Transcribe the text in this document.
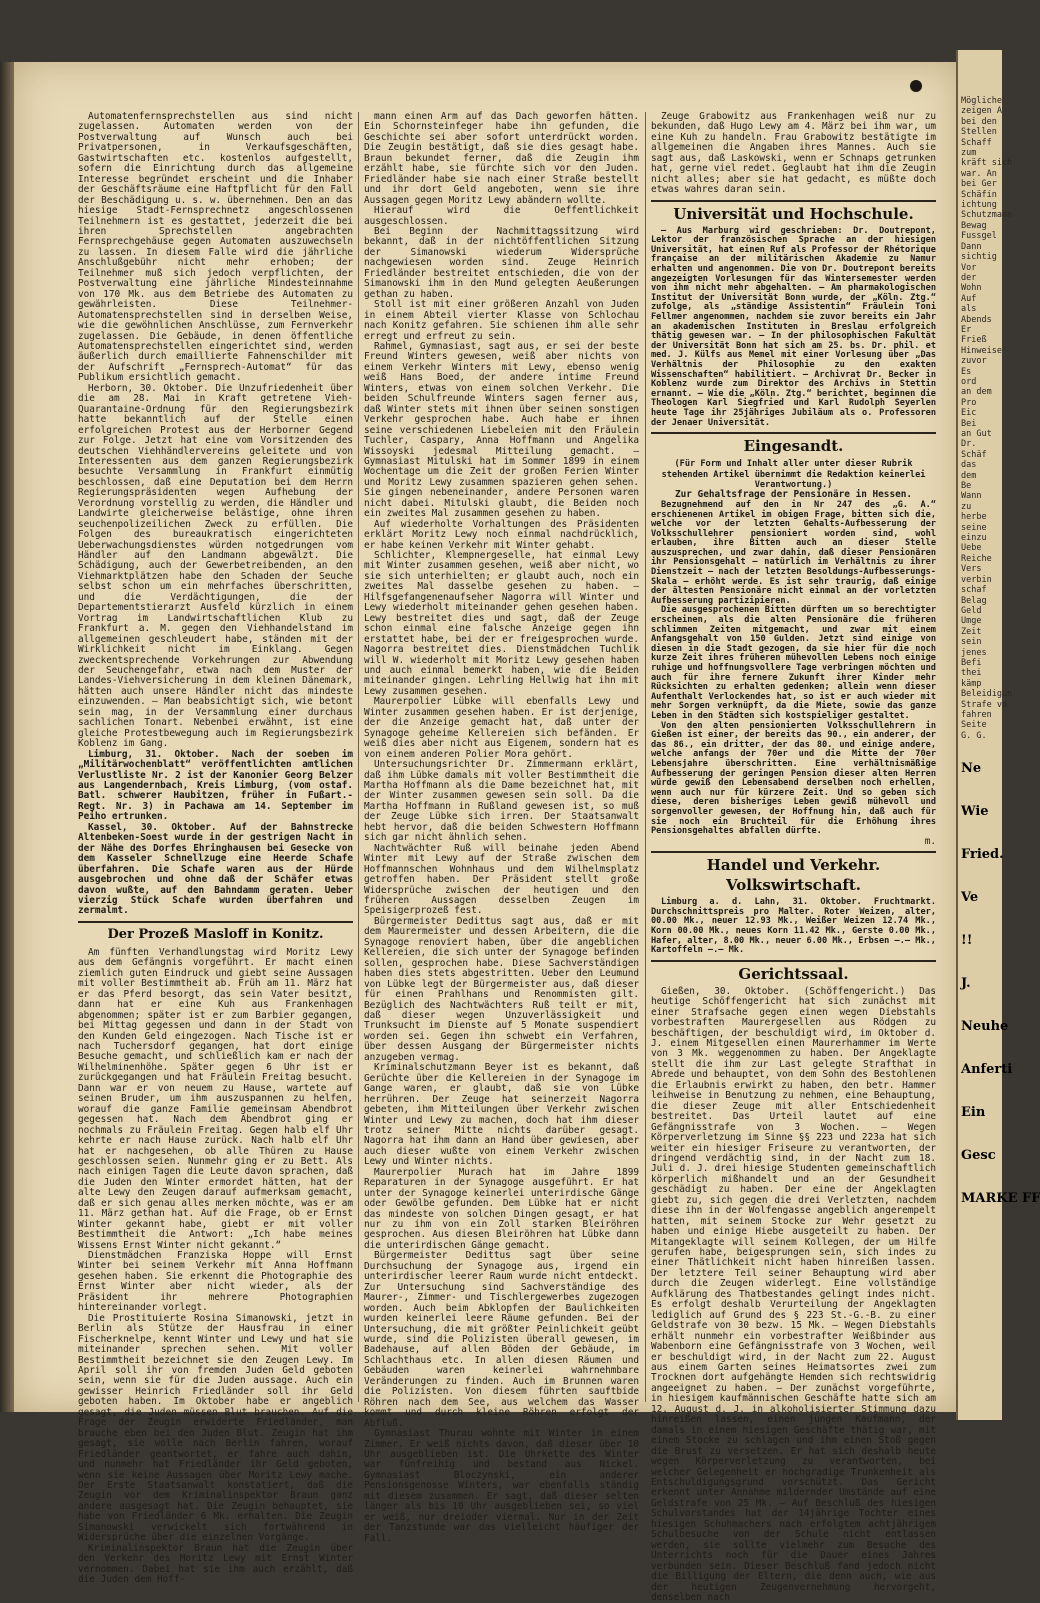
Automatenfernsprechstellen aus sind nicht zugelassen. Automaten werden von der Postverwaltung auf Wunsch auch bei Privatpersonen, in Verkaufsgeschäften, Gastwirtschaften etc. kostenlos aufgestellt, sofern die Einrichtung durch das allgemeine Interesse begründet erscheint und die Inhaber der Geschäftsräume eine Haftpflicht für den Fall der Beschädigung u. s. w. übernehmen. Den an das hiesige Stadt-Fernsprechnetz angeschlossenen Teilnehmern ist es gestattet, jederzeit die bei ihren Sprechstellen angebrachten Fernsprechgehäuse gegen Automaten auszuwechseln zu lassen. In diesem Falle wird die jährliche Anschlußgebühr nicht mehr erhoben; der Teilnehmer muß sich jedoch verpflichten, der Postverwaltung eine jährliche Mindesteinnahme von 170 Mk. aus dem Betriebe des Automaten zu gewährleisten. Diese Teilnehmer-Automatensprechstellen sind in derselben Weise, wie die gewöhnlichen Anschlüsse, zum Fernverkehr zugelassen. Die Gebäude, in denen öffentliche Automatensprechstellen eingerichtet sind, werden äußerlich durch emaillierte Fahnenschilder mit der Aufschrift „Fernsprech-Automat“ für das Publikum ersichtlich gemacht.

Herborn, 30. Oktober. Die Unzufriedenheit über die am 28. Mai in Kraft getretene Vieh-Quarantaine-Ordnung für den Regierungsbezirk hatte bekanntlich auf der Stelle einen erfolgreichen Protest aus der Herborner Gegend zur Folge. Jetzt hat eine vom Vorsitzenden des deutschen Viehhändlervereins geleitete und von Interessenten aus dem ganzen Regierungsbezirk besuchte Versammlung in Frankfurt einmütig beschlossen, daß eine Deputation bei dem Herrn Regierungspräsidenten wegen Aufhebung der Verordnung vorstellig zu werden, die Händler und Landwirte gleicherweise belästige, ohne ihren seuchenpolizeilichen Zweck zu erfüllen. Die Folgen des bureaukratisch eingerichteten Ueberwachungsdienstes würden notgedrungen vom Händler auf den Landmann abgewälzt. Die Schädigung, auch der Gewerbetreibenden, an den Viehmarktplätzen habe den Schaden der Seuche selbst schon um ein mehrfaches überschritten, und die Verdächtigungen, die der Departementstierarzt Ausfeld kürzlich in einem Vortrag im Landwirtschaftlichen Klub zu Frankfurt a. M. gegen den Viehhandelstand im allgemeinen geschleudert habe, ständen mit der Wirklichkeit nicht im Einklang. Gegen zweckentsprechende Vorkehrungen zur Abwendung der Seuchengefahr, etwa nach dem Muster der Landes-Viehversicherung in dem kleinen Dänemark, hätten auch unsere Händler nicht das mindeste einzuwenden. — Man beabsichtigt sich, wie betont sein mag, in der Versammlung einer durchaus sachlichen Tonart. Nebenbei erwähnt, ist eine gleiche Protestbewegung auch im Regierungsbezirk Koblenz im Gang.

Limburg, 31. Oktober. Nach der soeben im „Militärwochenblatt“ veröffentlichten amtlichen Verlustliste Nr. 2 ist der Kanonier Georg Belzer aus Langendernbach, Kreis Limburg, (vom ostaf. Batl. schwerer Haubitzen, früher in Fußart.-Regt. Nr. 3) in Pachawa am 14. September im Peiho ertrunken.

Kassel, 30. Oktober. Auf der Bahnstrecke Altenbeken-Soest wurde in der gestrigen Nacht in der Nähe des Dorfes Ehringhausen bei Gesecke von dem Kasseler Schnellzuge eine Heerde Schafe überfahren. Die Schafe waren aus der Hürde ausgebrochen und ohne daß der Schäfer etwas davon wußte, auf den Bahndamm geraten. Ueber vierzig Stück Schafe wurden überfahren und zermalmt.

Der Prozeß Masloff in Konitz.

Am fünften Verhandlungstag wird Moritz Lewy aus dem Gefängnis vorgeführt. Er macht einen ziemlich guten Eindruck und giebt seine Aussagen mit voller Bestimmtheit ab. Früh am 11. März hat er das Pferd besorgt, das sein Vater besitzt, dann hat er eine Kuh aus Frankenhagen abgenommen; später ist er zum Barbier gegangen, bei Mittag gegessen und dann in der Stadt von den Kunden Geld eingezogen. Nach Tische ist er nach Tuchersdorf gegangen, hat dort einige Besuche gemacht, und schließlich kam er nach der Wilhelminenhöhe. Später gegen 6 Uhr ist er zurückgegangen und hat Fräulein Freitag besucht. Dann war er von neuem zu Hause, wartete auf seinen Bruder, um ihm auszuspannen zu helfen, worauf die ganze Familie gemeinsam Abendbrot gegessen hat. Nach dem Abendbrot ging er nochmals zu Fräulein Freitag. Gegen halb elf Uhr kehrte er nach Hause zurück. Nach halb elf Uhr hat er nachgesehen, ob alle Thüren zu Hause geschlossen seien. Nunmehr ging er zu Bett. Als nach einigen Tagen die Leute davon sprachen, daß die Juden den Winter ermordet hätten, hat der alte Lewy den Zeugen darauf aufmerksam gemacht, daß er sich genau alles merken möchte, was er am 11. März gethan hat. Auf die Frage, ob er Ernst Winter gekannt habe, giebt er mit voller Bestimmtheit die Antwort: „Ich habe meines Wissens Ernst Winter nicht gekannt.“

Dienstmädchen Franziska Hoppe will Ernst Winter bei seinem Verkehr mit Anna Hoffmann gesehen haben. Sie erkennt die Photographie des Ernst Winter aber nicht wieder, als der Präsident ihr mehrere Photographien hintereinander vorlegt.

Die Prostituierte Rosina Simanowski, jetzt in Berlin als Stütze der Hausfrau in einer Fischerknelpe, kennt Winter und Lewy und hat sie miteinander sprechen sehen. Mit voller Bestimmtheit bezeichnet sie den Zeugen Lewy. Im April soll ihr von fremden Juden Geld geboten sein, wenn sie für die Juden aussage. Auch ein gewisser Heinrich Friedländer soll ihr Geld geboten haben. Im Oktober habe er angeblich gesagt, die Juden müssen Blut brauchen. Auf die Frage der Zeugin erwiderte Friedländer, man brauche eben bei den Juden Blut. Zeugin hat ihm gesagt, sie wolle nach Berlin fahren, worauf Friedländer geantwortet, er fahre auch dahin, und nunmehr hat Friedländer ihr Geld geboten, wenn sie keine Aussagen über Moritz Lewy mache. Der Erste Staatsanwalt konstatiert, daß die Zeugin vor dem Kriminalinspektor Braun ganz andere ausgesagt hat. Die Zeugin behauptet, sie habe von Friedländer 6 Mk. erhalten. Die Zeugin Simanowski verwickelt sich fortwährend in Widersprüche über die einzelnen Vorgänge.

Kriminalinspektor Braun hat die Zeugin über den Verkehr des Moritz Lewy mit Ernst Winter vernommen. Dabei hat sie ihm auch erzählt, daß die Juden dem Hoff-

mann einen Arm auf das Dach geworfen hätten. Ein Schornsteinfeger habe ihn gefunden, die Geschichte sei aber sofort unterdrückt worden. Die Zeugin bestätigt, daß sie dies gesagt habe. Braun bekundet ferner, daß die Zeugin ihm erzählt habe, sie fürchte sich vor den Juden. Friedländer habe sie nach einer Straße bestellt und ihr dort Geld angeboten, wenn sie ihre Aussagen gegen Moritz Lewy abändern wollte.

Hierauf wird die Oeffentlichkeit ausgeschlossen.

Bei Beginn der Nachmittagssitzung wird bekannt, daß in der nichtöffentlichen Sitzung der Simanowski wiederum Widersprüche nachgewiesen worden sind. Zeuge Heinrich Friedländer bestreitet entschieden, die von der Simanowski ihm in den Mund gelegten Aeußerungen gethan zu haben.

Stoll ist mit einer größeren Anzahl von Juden in einem Abteil vierter Klasse von Schlochau nach Konitz gefahren. Sie schienen ihm alle sehr erregt und erfreut zu sein.

Rahmel, Gymnasiast, sagt aus, er sei der beste Freund Winters gewesen, weiß aber nichts von einem Verkehr Winters mit Lewy, ebenso wenig weiß Hans Boed, der andere intime Freund Winters, etwas von einem solchen Verkehr. Die beiden Schulfreunde Winters sagen ferner aus, daß Winter stets mit ihnen über seinen sonstigen Verkehr gesprochen habe. Auch habe er ihnen seine verschiedenen Liebeleien mit den Fräulein Tuchler, Caspary, Anna Hoffmann und Angelika Wissoyski jedesmal Mitteilung gemacht. — Gymnasiast Mitulski hat im Sommer 1899 in einem Wochentage um die Zeit der großen Ferien Winter und Moritz Lewy zusammen spazieren gehen sehen. Sie gingen nebeneinander, andere Personen waren nicht dabei. Mitulski glaubt, die Beiden noch ein zweites Mal zusammen gesehen zu haben.

Auf wiederholte Vorhaltungen des Präsidenten erklärt Moritz Lewy noch einmal nachdrücklich, er habe keinen Verkehr mit Winter gehabt.

Schlichter, Klempnergeselle, hat einmal Lewy mit Winter zusammen gesehen, weiß aber nicht, wo sie sich unterhielten; er glaubt auch, noch ein zweites Mal dasselbe gesehen zu haben. — Hilfsgefangenenaufseher Nagorra will Winter und Lewy wiederholt miteinander gehen gesehen haben. Lewy bestreitet dies und sagt, daß der Zeuge schon einmal eine falsche Anzeige gegen ihn erstattet habe, bei der er freigesprochen wurde. Nagorra bestreitet dies. Dienstmädchen Tuchlik will W. wiederholt mit Moritz Lewy gesehen haben und auch einmal bemerkt haben, wie die Beiden miteinander gingen. Lehrling Hellwig hat ihn mit Lewy zusammen gesehen.

Maurerpolier Lübke will ebenfalls Lewy und Winter zusammen gesehen haben. Er ist derjenige, der die Anzeige gemacht hat, daß unter der Synagoge geheime Kellereien sich befänden. Er weiß dies aber nicht aus Eigenem, sondern hat es von einem anderen Polier Mora gehört.

Untersuchungsrichter Dr. Zimmermann erklärt, daß ihm Lübke damals mit voller Bestimmtheit die Martha Hoffmann als die Dame bezeichnet hat, mit der Winter zusammen gewesen sein soll. Da die Martha Hoffmann in Rußland gewesen ist, so muß der Zeuge Lübke sich irren. Der Staatsanwalt hebt hervor, daß die beiden Schwestern Hoffmann sich gar nicht ähnlich sehen.

Nachtwächter Ruß will beinahe jeden Abend Winter mit Lewy auf der Straße zwischen dem Hoffmannschen Wohnhaus und dem Wilhelmsplatz getroffen haben. Der Präsident stellt große Widersprüche zwischen der heutigen und den früheren Aussagen desselben Zeugen im Speisigerprozeß fest.

Bürgermeister Dedittus sagt aus, daß er mit dem Maurermeister und dessen Arbeitern, die die Synagoge renoviert haben, über die angeblichen Kellereien, die sich unter der Synagoge befinden sollen, gesprochen habe. Diese Sachverständigen haben dies stets abgestritten. Ueber den Leumund von Lübke legt der Bürgermeister aus, daß dieser für einen Prahlhans und Renommisten gilt. Bezüglich des Nachtwächters Ruß teilt er mit, daß dieser wegen Unzuverlässigkeit und Trunksucht im Dienste auf 5 Monate suspendiert worden sei. Gegen ihn schwebt ein Verfahren, über dessen Ausgang der Bürgermeister nichts anzugeben vermag.

Kriminalschutzmann Beyer ist es bekannt, daß Gerüchte über die Kellereien in der Synagoge im Gange waren, er glaubt, daß sie von Lübke herrühren. Der Zeuge hat seinerzeit Nagorra gebeten, ihm Mitteilungen über Verkehr zwischen Winter und Lewy zu machen, doch hat ihm dieser trotz seiner Mitte nichts darüber gesagt. Nagorra hat ihm dann an Hand über gewiesen, aber auch dieser wußte von einem Verkehr zwischen Lewy und Winter nichts.

Maurerpolier Murach hat im Jahre 1899 Reparaturen in der Synagoge ausgeführt. Er hat unter der Synagoge keinerlei unterirdische Gänge oder Gewölbe gefunden. Dem Lübke hat er nicht das mindeste von solchen Dingen gesagt, er hat nur zu ihm von ein Zoll starken Bleiröhren gesprochen. Aus diesen Bleiröhren hat Lübke dann die unterirdischen Gänge gemacht.

Bürgermeister Dedittus sagt über seine Durchsuchung der Synagoge aus, irgend ein unterirdischer leerer Raum wurde nicht entdeckt. Zur Untersuchung sind Sachverständige des Maurer-, Zimmer- und Tischlergewerbes zugezogen worden. Auch beim Abklopfen der Baulichkeiten wurden keinerlei leere Räume gefunden. Bei der Untersuchung, die mit größter Peinlichkeit geübt wurde, sind die Polizisten überall gewesen, im Badehause, auf allen Böden der Gebäude, im Schlachthaus etc. In allen diesen Räumen und Gebäuden waren keinerlei wahrnehmbare Veränderungen zu finden. Auch im Brunnen waren die Polizisten. Von diesem führten sauftbide Röhren nach dem See, aus welchem das Wasser kommt und durch kleine Röhren erfolgt der Abfluß.

Gymnasiast Thurau wohnte mit Winter in einem Zimmer. Er weiß nichts davon, daß dieser über 10 Uhr ausgeblieben ist. Die Uhrkette des Winter war fünfreihig und bestand aus Nickel. Gymnasiast Bloczynski, ein anderer Pensionsgenosse Winters, war ebenfalls ständig mit diesem zusammen. Er sagt, daß dieser selten länger als bis 10 Uhr ausgeblieben sei, so viel er weiß, nur dreioder viermal. Nur in der Zeit der Tanzstunde war das vielleicht häufiger der Fall.

Zeuge Grabowitz aus Frankenhagen weiß nur zu bekunden, daß Hugo Lewy am 4. März bei ihm war, um eine Kuh zu handeln. Frau Grabowitz bestätigte im allgemeinen die Angaben ihres Mannes. Auch sie sagt aus, daß Laskowski, wenn er Schnaps getrunken hat, gerne viel redet. Geglaubt hat ihm die Zeugin nicht alles; aber sie hat gedacht, es müßte doch etwas wahres daran sein.

Universität und Hochschule.

— Aus Marburg wird geschrieben: Dr. Doutrepont, Lektor der französischen Sprache an der hiesigen Universität, hat einen Ruf als Professor der Rhétorique française an der militärischen Akademie zu Namur erhalten und angenommen. Die von Dr. Doutrepont bereits angezeigten Vorlesungen für das Wintersemester werden von ihm nicht mehr abgehalten. — Am pharmakologischen Institut der Universität Bonn wurde, der „Köln. Ztg.“ zufolge, als „ständige Assistentin“ Fräulein Toni Fellmer angenommen, nachdem sie zuvor bereits ein Jahr an akademischen Instituten in Breslau erfolgreich thätig gewesen war. — In der philosophischen Fakultät der Universität Bonn hat sich am 25. bs. Dr. phil. et med. J. Külfs aus Memel mit einer Vorlesung über „Das Verhältnis der Philosophie zu den exakten Wissenschaften“ habilitiert. — Archivrat Dr. Becker in Koblenz wurde zum Direktor des Archivs in Stettin ernannt. — Wie die „Köln. Ztg.“ berichtet, beginnen die Theologen Karl Siegfried und Karl Rudolph Seyerlen heute Tage ihr 25jähriges Jubiläum als o. Professoren der Jenaer Universität.

Eingesandt.

(Für Form und Inhalt aller unter dieser Rubrik stehenden Artikel übernimmt die Redaktion keinerlei Verantwortung.)

Zur Gehaltsfrage der Pensionäre in Hessen.

Bezugnehmend auf den in Nr 247 des „G. A.“ erschienenen Artikel im obigen Frage, bitten sich die, welche vor der letzten Gehalts-Aufbesserung der Volksschullehrer pensioniert worden sind, wohl erlauben, ihre Bitten auch an dieser Stelle auszusprechen, und zwar dahin, daß dieser Pensionären ihr Pensionsgehalt — natürlich im Verhältnis zu ihrer Dienstzeit — nach der letzten Besoldungs-Aufbesserungs-Skala — erhöht werde. Es ist sehr traurig, daß einige der ältesten Pensionäre nicht einmal an der vorletzten Aufbesserung partizipieren.

Die ausgesprochenen Bitten dürften um so berechtigter erscheinen, als die alten Pensionäre die früheren schlimmen Zeiten mitgemacht, und zwar mit einem Anfangsgehalt von 150 Gulden. Jetzt sind einige von diesen in die Stadt gezogen, da sie hier für die noch kurze Zeit ihres früheren mühevollen Lebens noch einige ruhige und hoffnungsvollere Tage verbringen möchten und auch für ihre fernere Zukunft ihrer Kinder mehr Rücksichten zu erhalten gedenken; allein wenn dieser Aufenthalt Verlockendes hat, so ist er auch wieder mit mehr Sorgen verknüpft, da die Miete, sowie das ganze Leben in den Städten sich kostspieliger gestaltet.

Von den alten pensionierten Volksschullehrern in Gießen ist einer, der bereits das 90., ein anderer, der das 86., ein dritter, der das 80. und einige andere, welche anfangs der 70er und die Mitte der 70er Lebensjahre überschritten. Eine verhältnismäßige Aufbesserung der geringen Pension dieser alten Herren würde gewiß den Lebensabend derselben noch erhellen, wenn auch nur für kürzere Zeit. Und so geben sich diese, deren bisheriges Leben gewiß mühevoll und sorgenvoller gewesen, der Hoffnung hin, daß auch für sie noch ein Bruchteil für die Erhöhung ihres Pensionsgehaltes abfallen dürfte.

m.

Handel und Verkehr. Volkswirtschaft.

Limburg a. d. Lahn, 31. Oktober. Fruchtmarkt. Durchschnittspreis pro Malter. Roter Weizen, alter, 00.00 Mk., neuer 12.93 Mk., Weißer Weizen 12.74 Mk., Korn 00.00 Mk., neues Korn 11.42 Mk., Gerste 0.00 Mk., Hafer, alter, 8.00 Mk., neuer 6.00 Mk., Erbsen —.— Mk., Kartoffeln —.— Mk.

Gerichtssaal.

Gießen, 30. Oktober. (Schöffengericht.) Das heutige Schöffengericht hat sich zunächst mit einer Strafsache gegen einen wegen Diebstahls vorbestraften Maurergesellen aus Rödgen zu beschäftigen, der beschuldigt wird, im Oktober d. J. einem Mitgesellen einen Maurerhammer im Werte von 3 Mk. weggenommen zu haben. Der Angeklagte stellt die ihm zur Last gelegte Strafthat in Abrede und behauptet, von dem Sohn des Bestohlenen die Erlaubnis erwirkt zu haben, den betr. Hammer leihweise in Benutzung zu nehmen, eine Behauptung, die dieser Zeuge mit aller Entschiedenheit bestreitet. Das Urteil lautet auf eine Gefängnisstrafe von 3 Wochen. — Wegen Körperverletzung im Sinne §§ 223 und 223a hat sich weiter ein hiesiger Friseure zu verantworten, der dringend verdächtig sind, in der Nacht zum 18. Juli d. J. drei hiesige Studenten gemeinschaftlich körperlich mißhandelt und an der Gesundheit geschädigt zu haben. Der eine der Angeklagten giebt zu, sich gegen die drei Verletzten, nachdem diese ihn in der Wolfengasse angeblich angerempelt hatten, mit seinem Stocke zur Wehr gesetzt zu haben und einige Hiebe ausgeteilt zu haben. Der Mitangeklagte will seinem Kollegen, der um Hilfe gerufen habe, beigesprungen sein, sich indes zu einer Thätlichkeit nicht haben hinreißen lassen. Der letztere Teil seiner Behauptung wird aber durch die Zeugen widerlegt. Eine vollständige Aufklärung des Thatbestandes gelingt indes nicht. Es erfolgt deshalb Verurteilung der Angeklagten lediglich auf Grund des § 223 St.-G.-B. zu einer Geldstrafe von 30 bezw. 15 Mk. — Wegen Diebstahls erhält nunmehr ein vorbestrafter Weißbinder aus Wabenborn eine Gefängnisstrafe von 3 Wochen, weil er beschuldigt wird, in der Nacht zum 22. August aus einem Garten seines Heimatsortes zwei zum Trocknen dort aufgehängte Hemden sich rechtswidrig angeeignet zu haben. — Der zunächst vorgeführte, in hiesigem kaufmännischen Geschäfte hatte sich am 12. August d. J. in alkoholisierter Stimmung dazu hinreißen lassen, einen jungen Kaufmann, der damals in einem hiesigen Geschäfte thätig war, mit einem Stocke zu schlagen und ihm einen Stoß gegen die Brust zu versetzen. Er hat sich deshalb heute wegen Körperverletzung zu verantworten, bei welcher Gelegenheit er hochgradige Trunkenheit als Entschuldigungsgrund vorschützt. Das Gericht erkennt unter Annahme mildernder Umstände auf eine Geldstrafe von 25 Mk. — Auf Beschluß des hiesigen Schulvorstandes hat der 14jährige Tochter eines hiesigen Schuhmachers nach erfolgtem achtjährigem Schulbesuche von der Schule nicht entlassen werden, sie sollte vielmehr zum Besuche des Unterrichts noch für die Dauer eines Jahres verbunden sein. Dieser Beschluß fand jedoch nicht die Billigung der Eltern, die denn auch, wie aus der heutigen Zeugenvernehmung hervorgeht, denselben nach

Mögliche
zeigen A
bei den
Stellen
Schaff
zum
kräft sich
war. An
bei Ger
Schäfin
ichtung
Schutzmann
Bewag
Fussgel
Dann
sichtig
Vor
der
Wohn
Auf
als
Abends
Er
Frieß
Hinweise
zuvor
Es
ord
an dem
Pro
Eic
Bei
an Gut
Dr.
Schäf
das
dem
Be
Wann
zu
herbe
seine
einzu
Uebe
Reiche
Vers
verbin
schaf
Belag
Geld
Umge
Zeit
sein
jenes
Befi
thei
kämp
Beleidigun
Strafe vo
fahren
Seite
G. G.
Ne
Wie
Fried.
Ve
!!
J.
Neuhe
Anferti
Ein
Gesc
MARKE FF
